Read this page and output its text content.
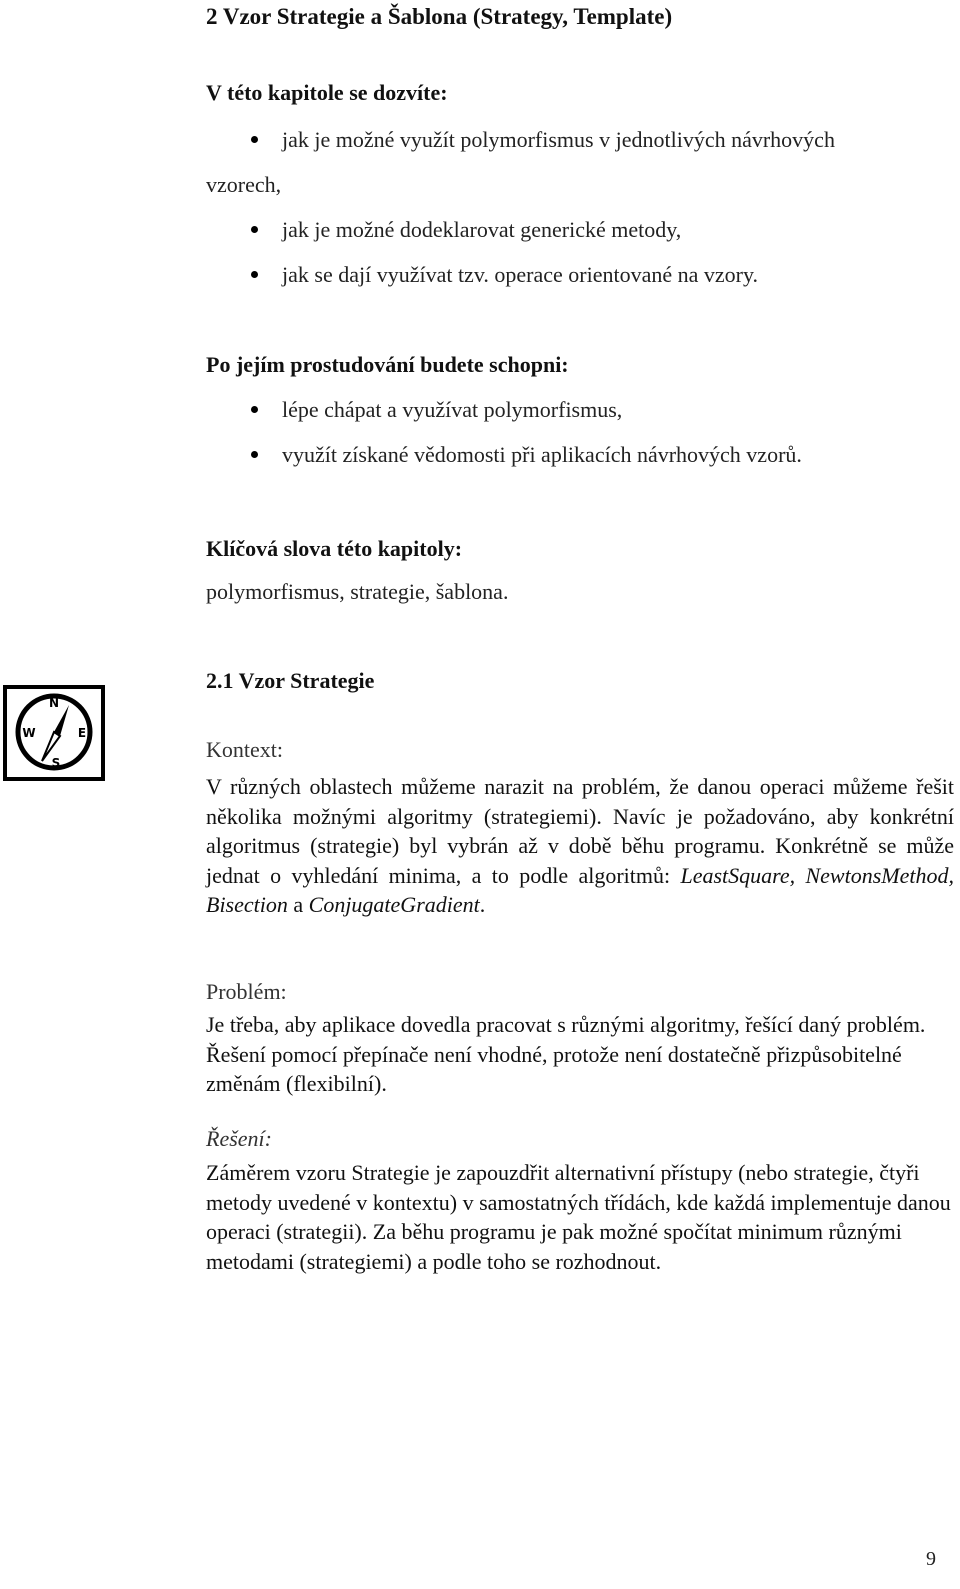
2 Vzor Strategie a Šablona (Strategy, Template)
V této kapitole se dozvíte:
jak je možné využít polymorfismus v jednotlivých návrhových
vzorech,
jak je možné dodeklarovat generické metody,
jak se dají využívat tzv. operace orientované na vzory.
Po jejím prostudování budete schopni:
lépe chápat a využívat polymorfismus,
využít získané vědomosti při aplikacích návrhových vzorů.
Klíčová slova této kapitoly:

polymorfismus, strategie, šablona.

N
S
E
W
2.1 Vzor Strategie

Kontext:

V různých oblastech můžeme narazit na problém, že danou operaci můžeme řešit několika možnými algoritmy (strategiemi). Navíc je požadováno, aby konkrétní algoritmus (strategie) byl vybrán až v době běhu programu. Konkrétně se může jednat o vyhledání minima, a to podle algoritmů: LeastSquare, NewtonsMethod, Bisection a ConjugateGradient.

Problém:

Je třeba, aby aplikace dovedla pracovat s různými algoritmy, řešící daný problém. Řešení pomocí přepínače není vhodné, protože není dostatečně přizpůsobitelné změnám (flexibilní).

Řešení:

Záměrem vzoru Strategie je zapouzdřit alternativní přístupy (nebo strategie, čtyři metody uvedené v kontextu) v samostatných třídách, kde každá implementuje danou operaci (strategii). Za běhu programu je pak možné spočítat minimum různými metodami (strategiemi) a podle toho se rozhodnout.

9
